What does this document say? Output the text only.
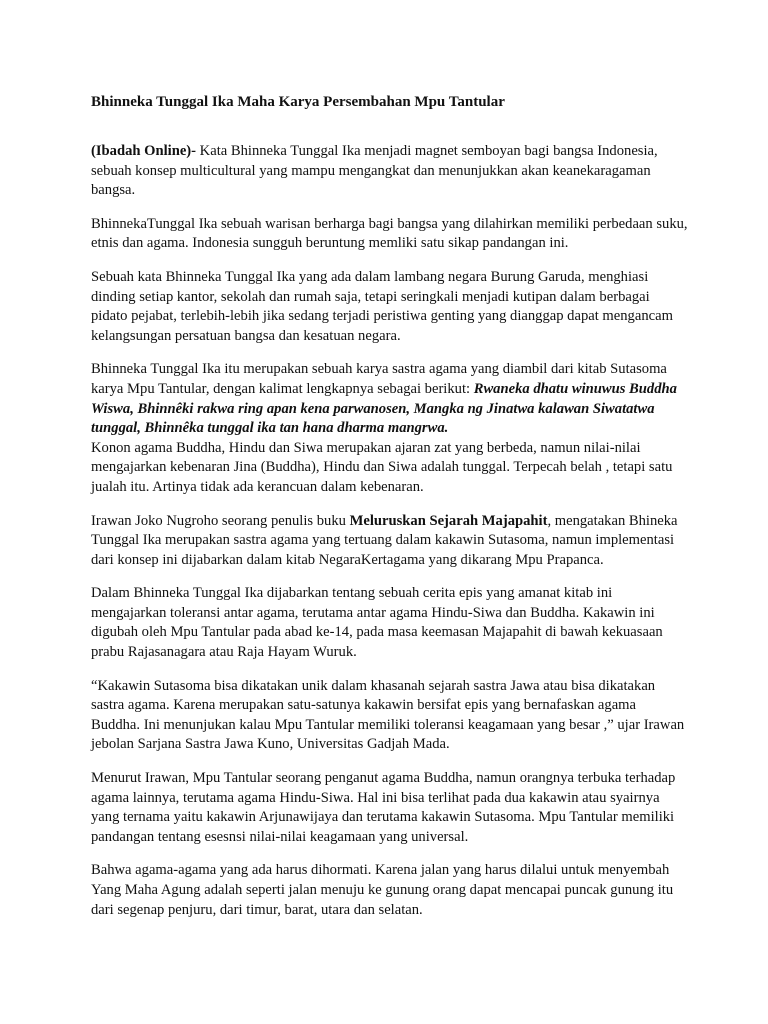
Bhinneka Tunggal Ika Maha Karya Persembahan Mpu Tantular

(Ibadah Online)- Kata Bhinneka Tunggal Ika menjadi magnet semboyan bagi bangsa Indonesia, sebuah konsep multicultural yang mampu mengangkat dan menunjukkan akan keanekaragaman bangsa.

BhinnekaTunggal Ika sebuah warisan berharga bagi bangsa yang dilahirkan memiliki perbedaan suku, etnis dan agama. Indonesia sungguh beruntung memliki satu sikap pandangan ini.

Sebuah kata Bhinneka Tunggal Ika yang ada dalam lambang negara Burung Garuda, menghiasi dinding setiap kantor, sekolah dan rumah saja, tetapi seringkali menjadi kutipan dalam berbagai pidato pejabat, terlebih-lebih jika sedang terjadi peristiwa genting yang dianggap dapat mengancam kelangsungan persatuan bangsa dan kesatuan negara.

Bhinneka Tunggal Ika itu merupakan sebuah karya sastra agama yang diambil dari kitab Sutasoma karya Mpu Tantular, dengan kalimat lengkapnya sebagai berikut: Rwaneka dhatu winuwus Buddha Wiswa, Bhinnêki rakwa ring apan kena parwanosen, Mangka ng Jinatwa kalawan Siwatatwa tunggal, Bhinnêka tunggal ika tan hana dharma mangrwa.

Konon agama Buddha, Hindu dan Siwa merupakan ajaran zat yang berbeda, namun nilai-nilai mengajarkan kebenaran Jina (Buddha), Hindu dan Siwa adalah tunggal. Terpecah belah , tetapi satu jualah itu. Artinya tidak ada kerancuan dalam kebenaran.

Irawan Joko Nugroho seorang penulis buku Meluruskan Sejarah Majapahit, mengatakan Bhineka Tunggal Ika merupakan sastra agama yang tertuang dalam kakawin Sutasoma, namun implementasi dari konsep ini dijabarkan dalam kitab NegaraKertagama yang dikarang Mpu Prapanca.

Dalam Bhinneka Tunggal Ika dijabarkan tentang sebuah cerita epis yang amanat kitab ini mengajarkan toleransi antar agama, terutama antar agama Hindu-Siwa dan Buddha. Kakawin ini digubah oleh Mpu Tantular pada abad ke-14, pada masa keemasan Majapahit di bawah kekuasaan prabu Rajasanagara atau Raja Hayam Wuruk.

“Kakawin Sutasoma bisa dikatakan unik dalam khasanah sejarah sastra Jawa atau bisa dikatakan sastra agama. Karena merupakan satu-satunya kakawin bersifat epis yang bernafaskan agama Buddha. Ini menunjukan kalau Mpu Tantular memiliki toleransi keagamaan yang besar ,” ujar Irawan jebolan Sarjana Sastra Jawa Kuno, Universitas Gadjah Mada.

Menurut Irawan, Mpu Tantular seorang penganut agama Buddha, namun orangnya terbuka terhadap agama lainnya, terutama agama Hindu-Siwa. Hal ini bisa terlihat pada dua kakawin atau syairnya yang ternama yaitu kakawin Arjunawijaya dan terutama kakawin Sutasoma. Mpu Tantular memiliki pandangan tentang esesnsi nilai-nilai keagamaan yang universal.

Bahwa agama-agama yang ada harus dihormati. Karena jalan yang harus dilalui untuk menyembah Yang Maha Agung adalah seperti jalan menuju ke gunung orang dapat mencapai puncak gunung itu dari segenap penjuru, dari timur, barat, utara dan selatan.
